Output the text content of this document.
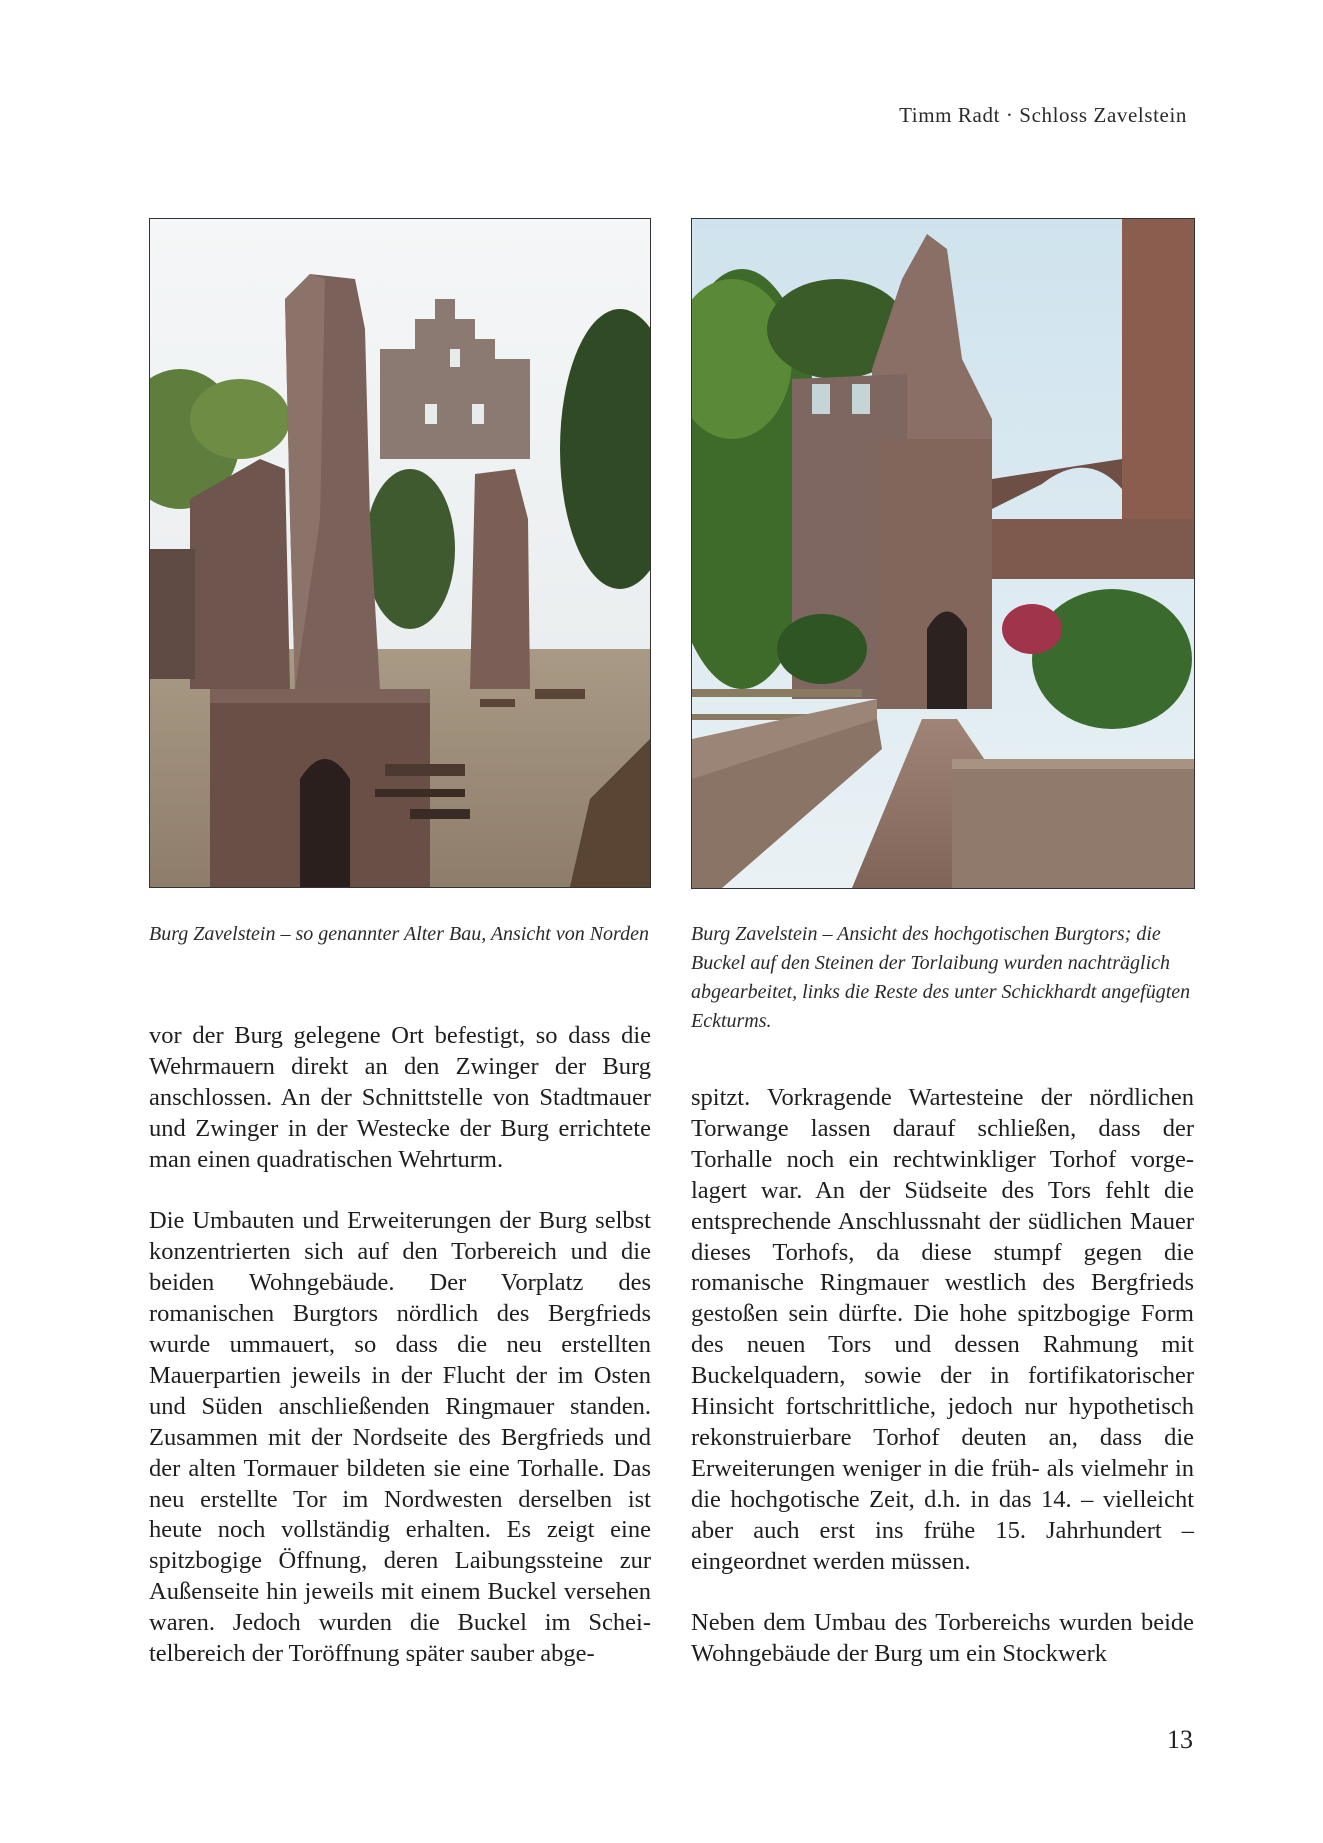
Timm Radt · Schloss Zavelstein
Burg Zavelstein – so genannter Alter Bau, Ansicht von Norden Burg Zavelstein – Ansicht des hochgotischen Burgtors; die Buckel auf den Steinen der Torlaibung wurden nachträglich abgearbeitet, links die Reste des unter Schickhardt angefügten Eckturms.

vor der Burg gelegene Ort befestigt, so dass die Wehrmauern direkt an den Zwinger der Burg anschlossen. An der Schnittstelle von Stadtmauer und Zwinger in der Westecke der Burg errichtete man einen quadratischen Wehrturm.

Die Umbauten und Erweiterungen der Burg selbst konzentrierten sich auf den Torbereich und die beiden Wohngebäude. Der Vorplatz des romanischen Burgtors nördlich des Bergfrieds wurde ummauert, so dass die neu erstellten Mauerpartien jeweils in der Flucht der im Osten und Süden anschließenden Ringmauer standen. Zusammen mit der Nordseite des Bergfrieds und der alten Tormauer bildeten sie eine Torhalle. Das neu erstellte Tor im Nordwesten derselben ist heute noch vollständig erhalten. Es zeigt eine spitzbogige Öffnung, deren Laibungssteine zur Außenseite hin jeweils mit einem Buckel versehen waren. Jedoch wurden die Buckel im Scheitelbereich der Toröffnung später sauber abge-

spitzt. Vorkragende Wartesteine der nördlichen Torwange lassen darauf schließen, dass der Torhalle noch ein rechtwinkliger Torhof vorgelagert war. An der Südseite des Tors fehlt die entsprechende Anschlussnaht der südlichen Mauer dieses Torhofs, da diese stumpf gegen die romanische Ringmauer westlich des Bergfrieds gestoßen sein dürfte. Die hohe spitzbogige Form des neuen Tors und dessen Rahmung mit Buckelquadern, sowie der in fortifikatorischer Hinsicht fortschrittliche, jedoch nur hypothetisch rekonstruierbare Torhof deuten an, dass die Erweiterungen weniger in die früh- als vielmehr in die hochgotische Zeit, d.h. in das 14. – vielleicht aber auch erst ins frühe 15. Jahrhundert – eingeordnet werden müssen.

Neben dem Umbau des Torbereichs wurden beide Wohngebäude der Burg um ein Stockwerk

13
